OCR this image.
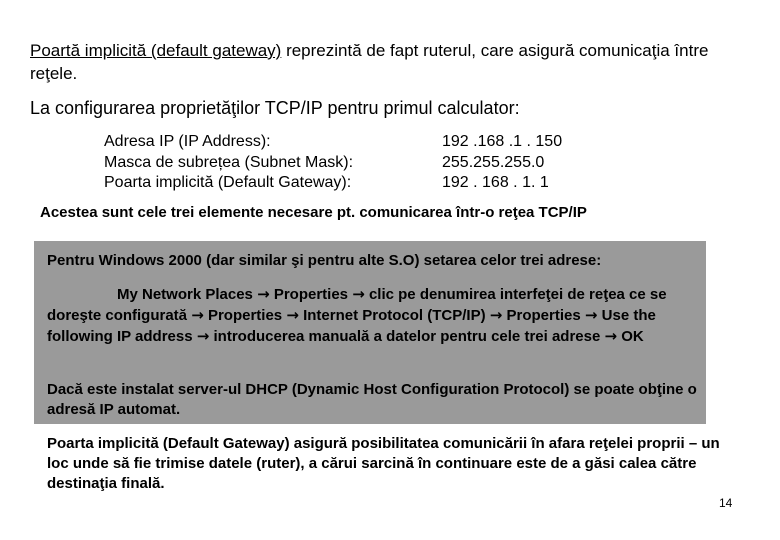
Poartă implicită (default gateway) reprezintă de fapt ruterul, care asigură comunicaţia între reţele.
La configurarea proprietăţilor TCP/IP pentru primul calculator:
Adresa IP (IP Address):	192 .168 .1 . 150
Masca de subrețea (Subnet Mask):	255.255.255.0
Poarta implicită (Default Gateway):	192 . 168 . 1. 1
Acestea sunt cele trei elemente necesare pt. comunicarea într-o reţea TCP/IP
Pentru Windows 2000 (dar similar şi pentru alte S.O) setarea celor trei adrese:
My Network Places → Properties → clic pe denumirea interfeţei de reţea ce se doreşte configurată → Properties → Internet Protocol (TCP/IP) → Properties → Use the following IP address → introducerea manuală a datelor pentru cele trei adrese → OK
Dacă este instalat server-ul DHCP (Dynamic Host Configuration Protocol) se poate obţine o adresă IP automat.
Poarta implicită (Default Gateway) asigură posibilitatea comunicării în afara reţelei proprii – un loc unde să fie trimise datele (ruter), a cărui sarcină în continuare este de a găsi calea către destinaţia finală.
14
